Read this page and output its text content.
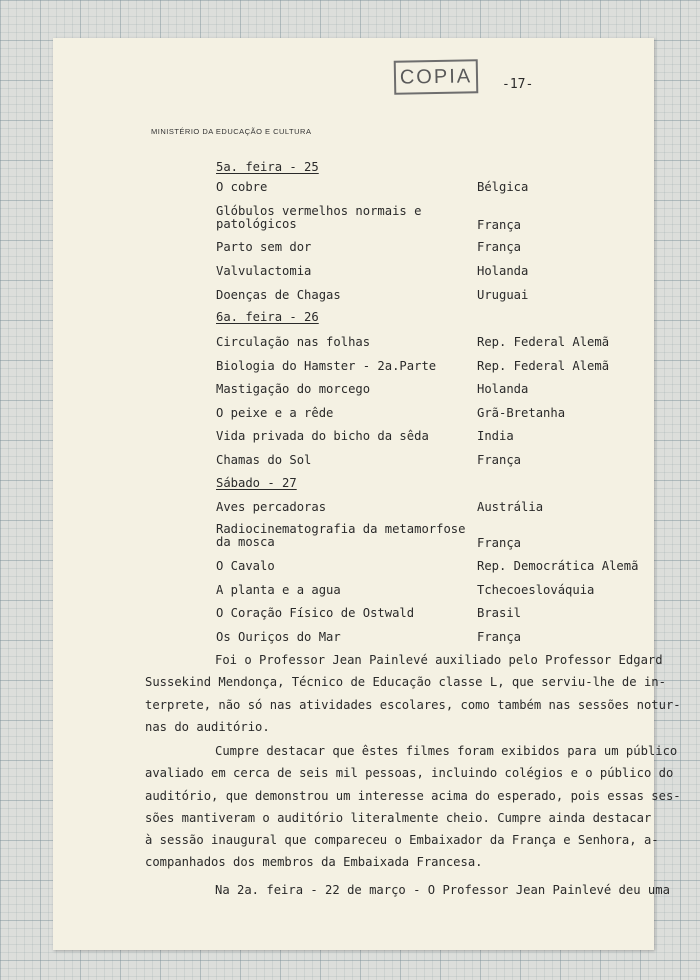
COPIA	-17-
MINISTÉRIO DA EDUCAÇÃO E CULTURA
5a. feira - 25
O cobre	Bélgica
Glóbulos vermelhos normais e patológicos	França
Parto sem dor	França
Valvulactomia	Holanda
Doenças de Chagas	Uruguai
6a. feira - 26
Circulação nas folhas	Rep. Federal Alemã
Biologia do Hamster - 2a.Parte	Rep. Federal Alemã
Mastigação do morcego	Holanda
O peixe e a rêde	Grã-Bretanha
Vida privada do bicho da sêda	India
Chamas do Sol	França
Sábado - 27
Aves percadoras	Austrália
Radiocinematografia da metamorfose da mosca	França
O Cavalo	Rep. Democrática Alemã
A planta e a agua	Tchecoeslováquia
O Coração Físico de Ostwald	Brasil
Os Ouriços do Mar	França
Foi o Professor Jean Painlevé auxiliado pelo Professor Edgard
Sussekind Mendonça, Técnico de Educação classe L, que serviu-lhe de in-
terprete, não só nas atividades escolares, como também nas sessões notur-
nas do auditório.
Cumpre destacar que êstes filmes foram exibidos para um público
avaliado em cerca de seis mil pessoas, incluindo colégios e o público do
auditório, que demonstrou um interesse acima do esperado, pois essas ses-
sões mantiveram o auditório literalmente cheio. Cumpre ainda destacar
à sessão inaugural que compareceu o Embaixador da França e Senhora, a-
companhados dos membros da Embaixada Francesa.
Na 2a. feira - 22 de março - O Professor Jean Painlevé deu uma
